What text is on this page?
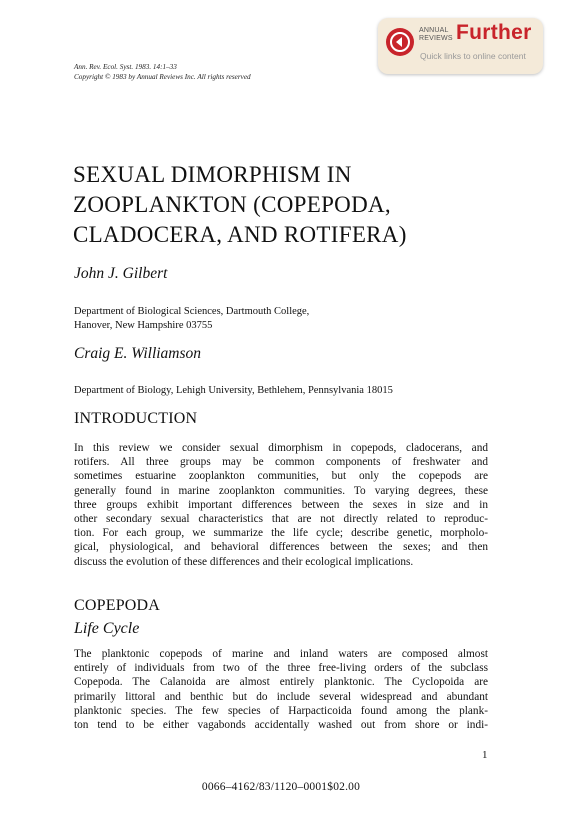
ANNUAL
REVIEWS Further
Quick links to online content
Ann. Rev. Ecol. Syst. 1983. 14:1–33
Copyright © 1983 by Annual Reviews Inc. All rights reserved
SEXUAL DIMORPHISM IN
ZOOPLANKTON (COPEPODA,
CLADOCERA, AND ROTIFERA)
John J. Gilbert
Department of Biological Sciences, Dartmouth College,
Hanover, New Hampshire 03755
Craig E. Williamson
Department of Biology, Lehigh University, Bethlehem, Pennsylvania 18015
INTRODUCTION
In this review we consider sexual dimorphism in copepods, cladocerans, and
rotifers. All three groups may be common components of freshwater and
sometimes estuarine zooplankton communities, but only the copepods are
generally found in marine zooplankton communities. To varying degrees, these
three groups exhibit important differences between the sexes in size and in
other secondary sexual characteristics that are not directly related to reproduc-
tion. For each group, we summarize the life cycle; describe genetic, morpholo-
gical, physiological, and behavioral differences between the sexes; and then
discuss the evolution of these differences and their ecological implications.
COPEPODA
Life Cycle
The planktonic copepods of marine and inland waters are composed almost
entirely of individuals from two of the three free-living orders of the subclass
Copepoda. The Calanoida are almost entirely planktonic. The Cyclopoida are
primarily littoral and benthic but do include several widespread and abundant
planktonic species. The few species of Harpacticoida found among the plank-
ton tend to be either vagabonds accidentally washed out from shore or indi-
1
0066–4162/83/1120–0001$02.00
